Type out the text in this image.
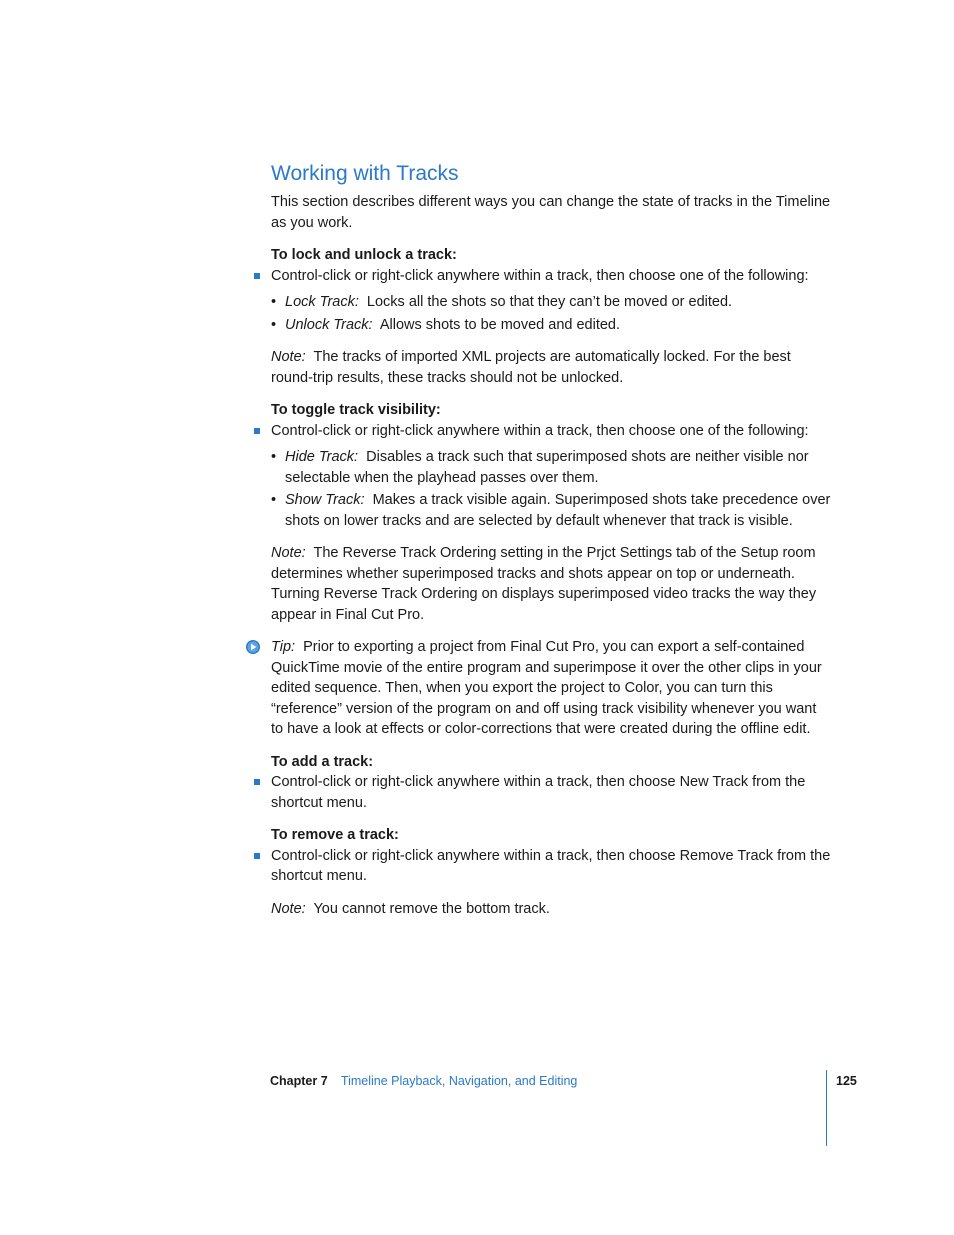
Working with Tracks

This section describes different ways you can change the state of tracks in the Timeline as you work.

To lock and unlock a track:

Control-click or right-click anywhere within a track, then choose one of the following:

• Lock Track: Locks all the shots so that they can’t be moved or edited.
• Unlock Track: Allows shots to be moved and edited.

Note: The tracks of imported XML projects are automatically locked. For the best round-trip results, these tracks should not be unlocked.

To toggle track visibility:

Control-click or right-click anywhere within a track, then choose one of the following:

• Hide Track: Disables a track such that superimposed shots are neither visible nor selectable when the playhead passes over them.
• Show Track: Makes a track visible again. Superimposed shots take precedence over shots on lower tracks and are selected by default whenever that track is visible.

Note: The Reverse Track Ordering setting in the Prjct Settings tab of the Setup room determines whether superimposed tracks and shots appear on top or underneath. Turning Reverse Track Ordering on displays superimposed video tracks the way they appear in Final Cut Pro.

Tip: Prior to exporting a project from Final Cut Pro, you can export a self-contained QuickTime movie of the entire program and superimpose it over the other clips in your edited sequence. Then, when you export the project to Color, you can turn this “reference” version of the program on and off using track visibility whenever you want to have a look at effects or color-corrections that were created during the offline edit.

To add a track:

Control-click or right-click anywhere within a track, then choose New Track from the shortcut menu.

To remove a track:

Control-click or right-click anywhere within a track, then choose Remove Track from the shortcut menu.

Note: You cannot remove the bottom track.

Chapter 7 Timeline Playback, Navigation, and Editing	125
